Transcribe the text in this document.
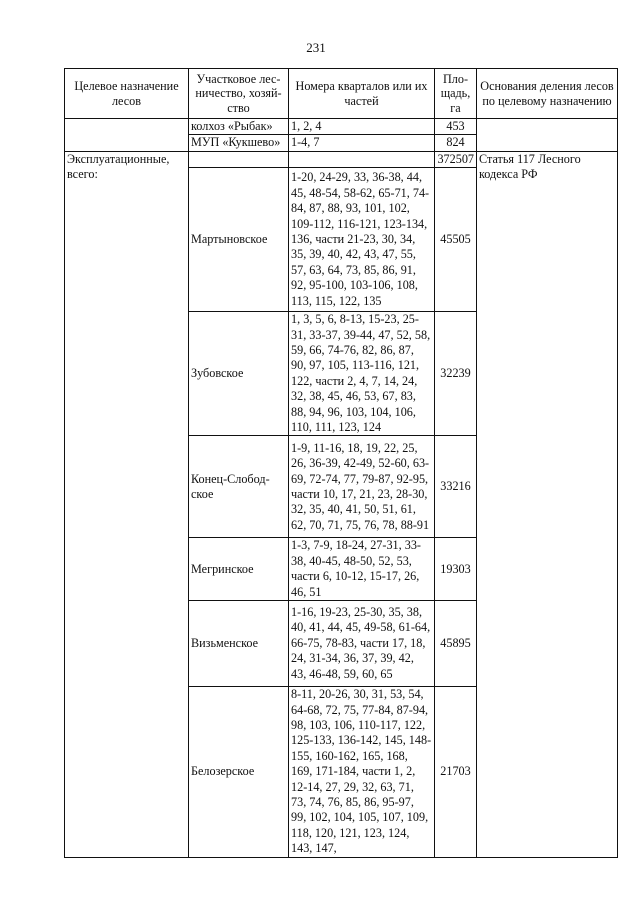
231
Целевое назначение лесов	Участковое лес-ничество, хозяй-ство	Номера кварталов или их частей	Пло-щадь, га	Основания деления лесов по целевому назначению
	колхоз «Рыбак»	1, 2, 4	453	
	МУП «Кукшево»	1-4, 7	824	
Эксплуатационные, всего:			372507	Статья 117 Лесного кодекса РФ
	Мартыновское	1-20, 24-29, 33, 36-38, 44, 45, 48-54, 58-62, 65-71, 74-84, 87, 88, 93, 101, 102, 109-112, 116-121, 123-134, 136, части 21-23, 30, 34, 35, 39, 40, 42, 43, 47, 55, 57, 63, 64, 73, 85, 86, 91, 92, 95-100, 103-106, 108, 113, 115, 122, 135	45505	
	Зубовское	1, 3, 5, 6, 8-13, 15-23, 25-31, 33-37, 39-44, 47, 52, 58, 59, 66, 74-76, 82, 86, 87, 90, 97, 105, 113-116, 121, 122, части 2, 4, 7, 14, 24, 32, 38, 45, 46, 53, 67, 83, 88, 94, 96, 103, 104, 106, 110, 111, 123, 124	32239	
	Конец-Слобод-ское	1-9, 11-16, 18, 19, 22, 25, 26, 36-39, 42-49, 52-60, 63-69, 72-74, 77, 79-87, 92-95, части 10, 17, 21, 23, 28-30, 32, 35, 40, 41, 50, 51, 61, 62, 70, 71, 75, 76, 78, 88-91	33216	
	Мегринское	1-3, 7-9, 18-24, 27-31, 33-38, 40-45, 48-50, 52, 53, части 6, 10-12, 15-17, 26, 46, 51	19303	
	Визьменское	1-16, 19-23, 25-30, 35, 38, 40, 41, 44, 45, 49-58, 61-64, 66-75, 78-83, части 17, 18, 24, 31-34, 36, 37, 39, 42, 43, 46-48, 59, 60, 65	45895	
	Белозерское	8-11, 20-26, 30, 31, 53, 54, 64-68, 72, 75, 77-84, 87-94, 98, 103, 106, 110-117, 122, 125-133, 136-142, 145, 148-155, 160-162, 165, 168, 169, 171-184, части 1, 2, 12-14, 27, 29, 32, 63, 71, 73, 74, 76, 85, 86, 95-97, 99, 102, 104, 105, 107, 109, 118, 120, 121, 123, 124, 143, 147,	21703	
